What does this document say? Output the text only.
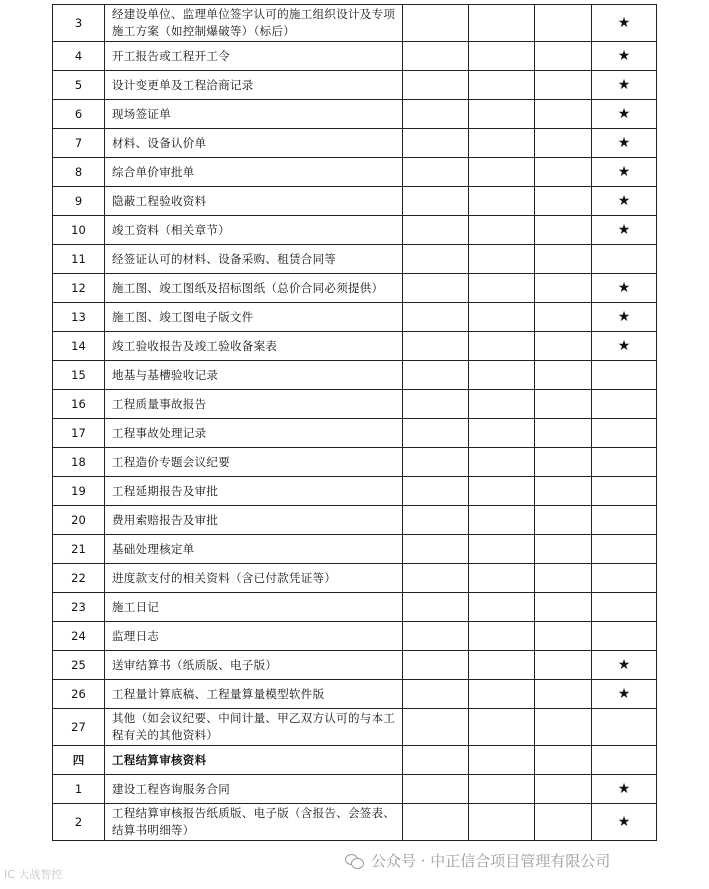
3	经建设单位、监理单位签字认可的施工组织设计及专项施工方案（如控制爆破等）（标后）				★
4	开工报告或工程开工令				★
5	设计变更单及工程洽商记录				★
6	现场签证单				★
7	材料、设备认价单				★
8	综合单价审批单				★
9	隐蔽工程验收资料				★
10	竣工资料（相关章节）				★
11	经签证认可的材料、设备采购、租赁合同等				
12	施工图、竣工图纸及招标图纸（总价合同必须提供）				★
13	施工图、竣工图电子版文件				★
14	竣工验收报告及竣工验收备案表				★
15	地基与基槽验收记录				
16	工程质量事故报告				
17	工程事故处理记录				
18	工程造价专题会议纪要				
19	工程延期报告及审批				
20	费用索赔报告及审批				
21	基础处理核定单				
22	进度款支付的相关资料（含已付款凭证等）				
23	施工日记				
24	监理日志				
25	送审结算书（纸质版、电子版）				★
26	工程量计算底稿、工程量算量模型软件版				★
27	其他（如会议纪要、中间计量、甲乙双方认可的与本工程有关的其他资料）				
四	工程结算审核资料				
1	建设工程咨询服务合同				★
2	工程结算审核报告纸质版、电子版（含报告、会签表、结算书明细等）				★
公众号 · 中正信合项目管理有限公司
IC 大战智控
